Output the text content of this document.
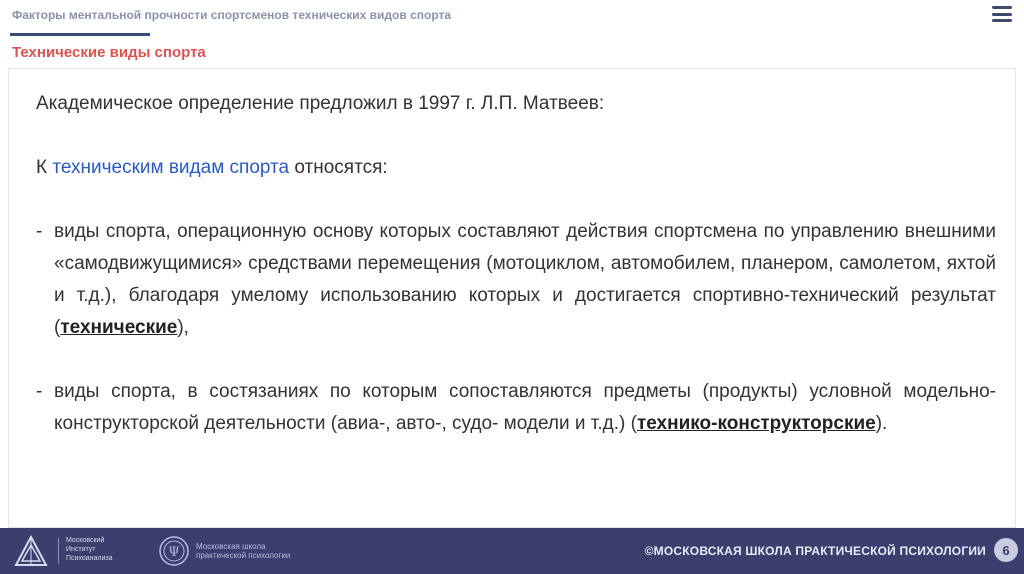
Факторы ментальной прочности спортсменов технических видов спорта
Технические виды спорта

Академическое определение предложил в 1997 г. Л.П. Матвеев:

К техническим видам спорта относятся:

- виды спорта, операционную основу которых составляют действия спортсмена по управлению внешними «самодвижущимися» средствами перемещения (мотоциклом, автомобилем, планером, самолетом, яхтой и т.д.), благодаря умелому использованию которых и достигается спортивно-технический результат (технические),
- виды спорта, в состязаниях по которым сопоставляются предметы (продукты) условной модельно-конструкторской деятельности (авиа-, авто-, судо- модели и т.д.) (технико-конструкторские).
Московский
Институт
Психоанализа	Ψ Московская школа
практической психологии	©МОСКОВСКАЯ ШКОЛА ПРАКТИЧЕСКОЙ ПСИХОЛОГИИ	6
